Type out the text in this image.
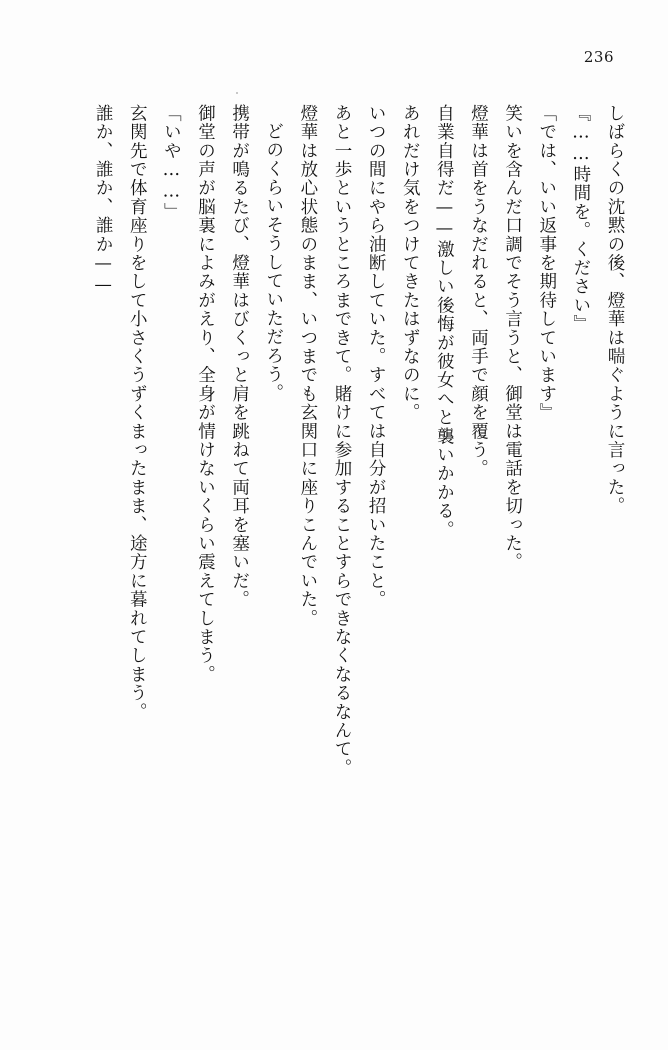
236

しばらくの沈黙の後、燈華は喘ぐように言った。

『……時間を。ください』

「では、いい返事を期待しています』

笑いを含んだ口調でそう言うと、御堂は電話を切った。

燈華は首をうなだれると、両手で顔を覆う。

自業自得だ——激しい後悔が彼女へと襲いかかる。

あれだけ気をつけてきたはずなのに。

いつの間にやら油断していた。すべては自分が招いたこと。

あと一歩というところまできて。賭けに参加することすらできなくなるなんて。

燈華は放心状態のまま、いつまでも玄関口に座りこんでいた。

どのくらいそうしていただろう。

携帯が鳴るたび、燈華はびくっと肩を跳ねて両耳を塞いだ。

御堂の声が脳裏によみがえり、全身が情けないくらい震えてしまう。

「いや……」

玄関先で体育座りをして小さくうずくまったまま、途方に暮れてしまう。

誰か、誰か、誰か——
